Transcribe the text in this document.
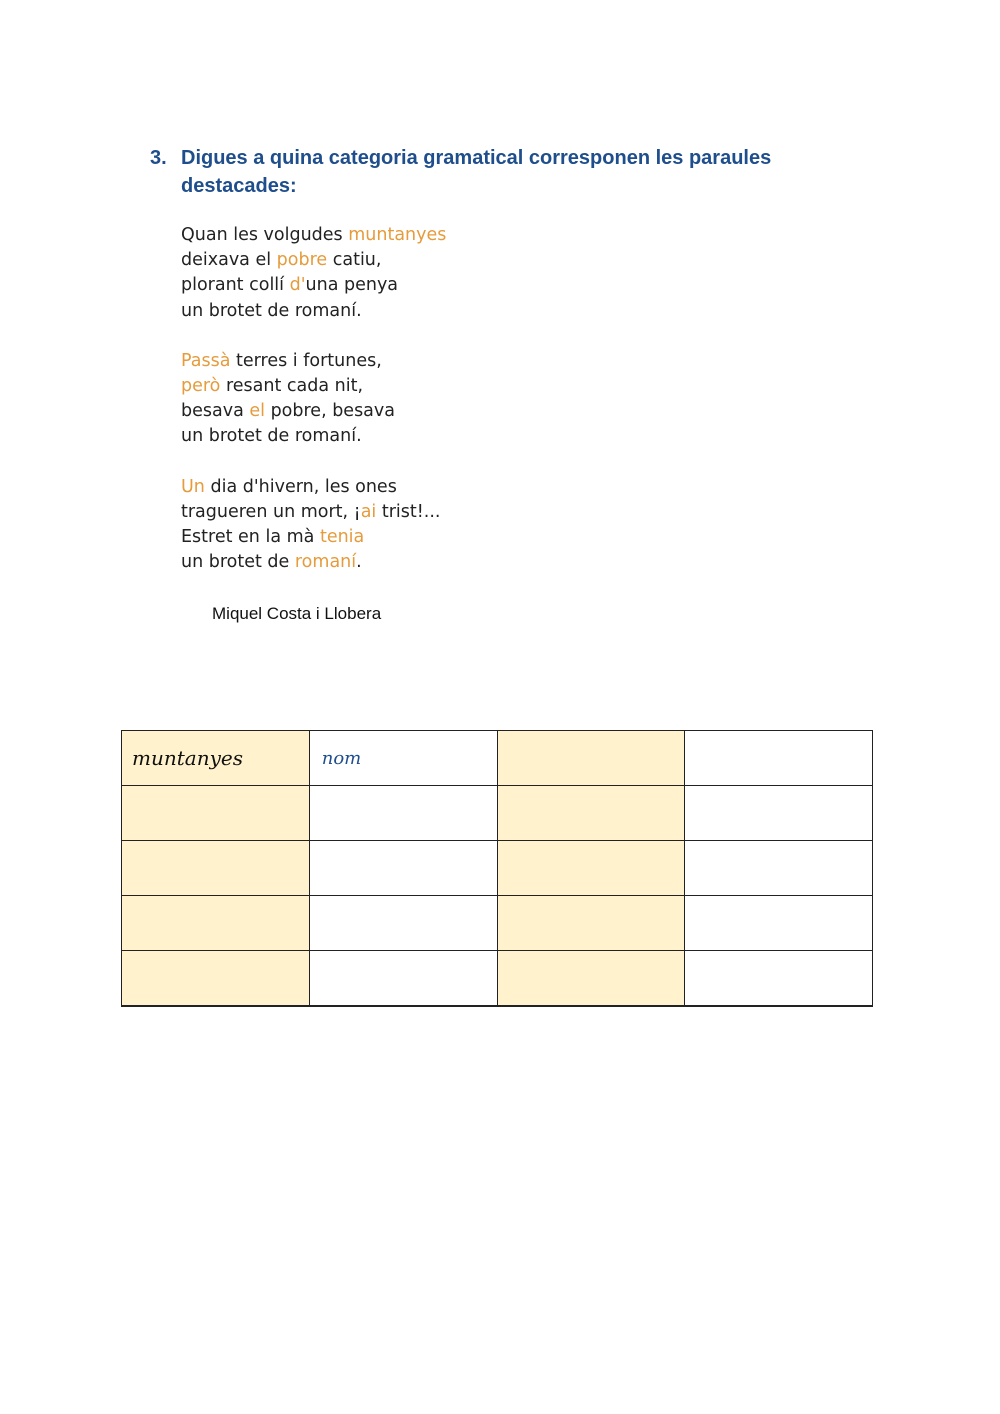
3. Digues a quina categoria gramatical corresponen les paraules destacades:
Quan les volgudes muntanyes
deixava el pobre catiu,
plorant collí d'una penya
un brotet de romaní.
Passà terres i fortunes,
però resant cada nit,
besava el pobre, besava
un brotet de romaní.
Un dia d'hivern, les ones
tragueren un mort, ¡ai trist!...
Estret en la mà tenia
un brotet de romaní.
Miquel Costa i Llobera
muntanyes	nom		
